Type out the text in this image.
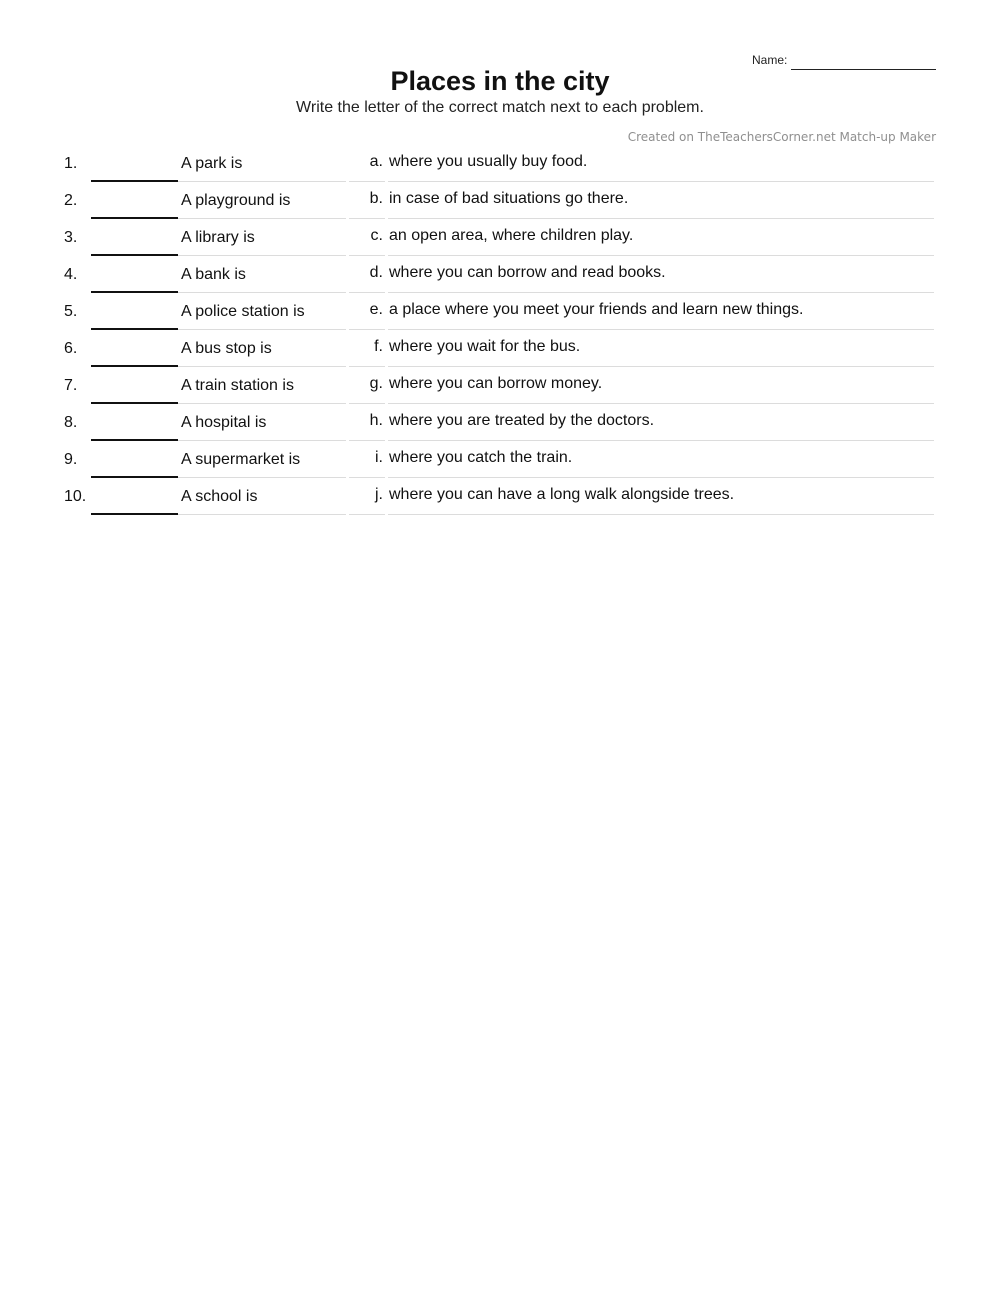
Name:
Places in the city

Write the letter of the correct match next to each problem.

Created on TheTeachersCorner.net Match-up Maker
1.	A park is	a. where you usually buy food.
2.	A playground is	b. in case of bad situations go there.
3.	A library is	c. an open area, where children play.
4.	A bank is	d. where you can borrow and read books.
5.	A police station is	e. a place where you meet your friends and learn new things.
6.	A bus stop is	f. where you wait for the bus.
7.	A train station is	g. where you can borrow money.
8.	A hospital is	h. where you are treated by the doctors.
9.	A supermarket is	i. where you catch the train.
10.	A school is	j. where you can have a long walk alongside trees.
